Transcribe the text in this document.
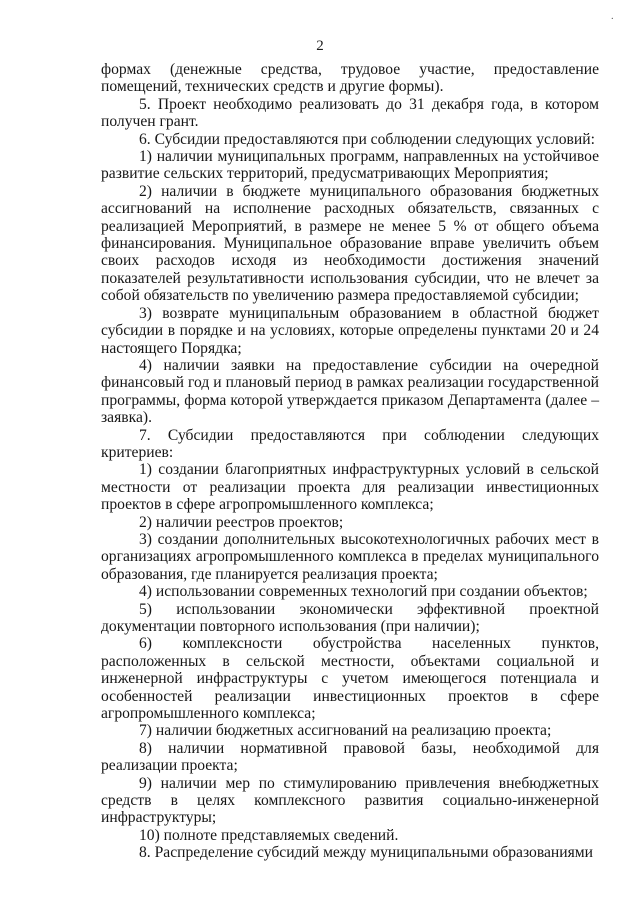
·
2

формах (денежные средства, трудовое участие, предоставление помещений, технических средств и другие формы).

5. Проект необходимо реализовать до 31 декабря года, в котором получен грант.

6. Субсидии предоставляются при соблюдении следующих условий:

1) наличии муниципальных программ, направленных на устойчивое развитие сельских территорий, предусматривающих Мероприятия;

2) наличии в бюджете муниципального образования бюджетных ассигнований на исполнение расходных обязательств, связанных с реализацией Мероприятий, в размере не менее 5 % от общего объема финансирования. Муниципальное образование вправе увеличить объем своих расходов исходя из необходимости достижения значений показателей результативности использования субсидии, что не влечет за собой обязательств по увеличению размера предоставляемой субсидии;

3) возврате муниципальным образованием в областной бюджет субсидии в порядке и на условиях, которые определены пунктами 20 и 24 настоящего Порядка;

4) наличии заявки на предоставление субсидии на очередной финансовый год и плановый период в рамках реализации государственной программы, форма которой утверждается приказом Департамента (далее – заявка).

7. Субсидии предоставляются при соблюдении следующих критериев:

1) создании благоприятных инфраструктурных условий в сельской местности от реализации проекта для реализации инвестиционных проектов в сфере агропромышленного комплекса;

2) наличии реестров проектов;

3) создании дополнительных высокотехнологичных рабочих мест в организациях агропромышленного комплекса в пределах муниципального образования, где планируется реализация проекта;

4) использовании современных технологий при создании объектов;

5) использовании экономически эффективной проектной документации повторного использования (при наличии);

6) комплексности обустройства населенных пунктов, расположенных в сельской местности, объектами социальной и инженерной инфраструктуры с учетом имеющегося потенциала и особенностей реализации инвестиционных проектов в сфере агропромышленного комплекса;

7) наличии бюджетных ассигнований на реализацию проекта;

8) наличии нормативной правовой базы, необходимой для реализации проекта;

9) наличии мер по стимулированию привлечения внебюджетных средств в целях комплексного развития социально-инженерной инфраструктуры;

10) полноте представляемых сведений.

8. Распределение субсидий между муниципальными образованиями
